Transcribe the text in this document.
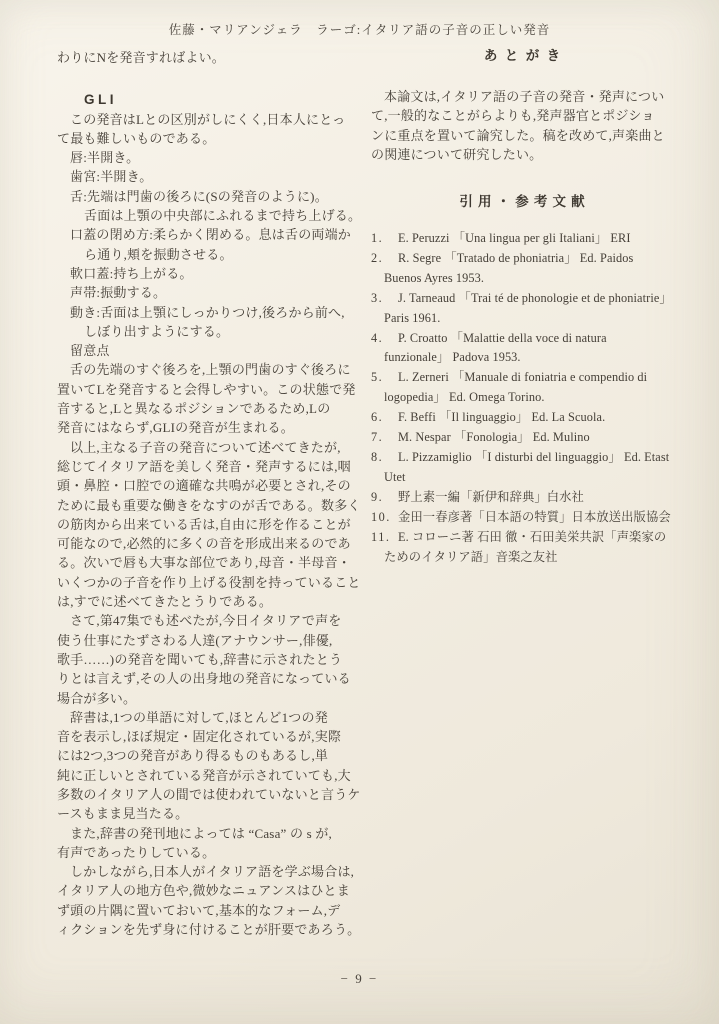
佐藤・マリアンジェラ　ラーゴ:イタリア語の子音の正しい発音
わりにNを発音すればよい。
GLI
この発音はLとの区別がしにくく,日本人にとっ
て最も難しいものである。
唇:半開き。
歯宮:半開き。
舌:先端は門歯の後ろに(Sの発音のように)。
舌面は上顎の中央部にふれるまで持ち上げる。
口蓋の閉め方:柔らかく閉める。息は舌の両端か
ら通り,頬を振動させる。
軟口蓋:持ち上がる。
声帯:振動する。
動き:舌面は上顎にしっかりつけ,後ろから前へ,
しぼり出すようにする。
留意点
舌の先端のすぐ後ろを,上顎の門歯のすぐ後ろに
置いてLを発音すると会得しやすい。この状態で発
音すると,Lと異なるポジションであるため,Lの
発音にはならず,GLIの発音が生まれる。
以上,主なる子音の発音について述べてきたが,
総じてイタリア語を美しく発音・発声するには,咽
頭・鼻腔・口腔での適確な共鳴が必要とされ,その
ために最も重要な働きをなすのが舌である。数多く
の筋肉から出来ている舌は,自由に形を作ることが
可能なので,必然的に多くの音を形成出来るのであ
る。次いで唇も大事な部位であり,母音・半母音・
いくつかの子音を作り上げる役割を持っていること
は,すでに述べてきたとうりである。
さて,第47集でも述べたが,今日イタリアで声を
使う仕事にたずさわる人達(アナウンサー,俳優,
歌手……)の発音を聞いても,辞書に示されたとう
りとは言えず,その人の出身地の発音になっている
場合が多い。
辞書は,1つの単語に対して,ほとんど1つの発
音を表示し,ほぼ規定・固定化されているが,実際
には2つ,3つの発音があり得るものもあるし,単
純に正しいとされている発音が示されていても,大
多数のイタリア人の間では使われていないと言うケ
ースもまま見当たる。
また,辞書の発刊地によっては “Casa” の s が,
有声であったりしている。
しかしながら,日本人がイタリア語を学ぶ場合は,
イタリア人の地方色や,微妙なニュアンスはひとま
ず頭の片隅に置いておいて,基本的なフォーム,デ
ィクションを先ず身に付けることが肝要であろう。
あとがき
本論文は,イタリア語の子音の発音・発声につい
て,一般的なことがらよりも,発声器官とポジショ
ンに重点を置いて論究した。稿を改めて,声楽曲と
の関連について研究したい。
引用・参考文献
1. E. Peruzzi 「Una lingua per gli Italiani」 ERI
2. R. Segre 「Tratado de phoniatria」 Ed. Paidos Buenos Ayres 1953.
3. J. Tarneaud 「Trai té de phonologie et de phoniatrie」 Paris 1961.
4. P. Croatto 「Malattie della voce di natura funzionale」 Padova 1953.
5. L. Zerneri 「Manuale di foniatria e compendio di logopedia」 Ed. Omega Torino.
6. F. Beffi 「Il linguaggio」 Ed. La Scuola.
7. M. Nespar 「Fonologia」 Ed. Mulino
8. L. Pizzamiglio 「I disturbi del linguaggio」 Ed. Etast Utet
9. 野上素一編「新伊和辞典」白水社
10. 金田一春彦著「日本語の特質」日本放送出版協会
11. E. コローニ著 石田 徹・石田美栄共訳「声楽家のためのイタリア語」音楽之友社
− 9 −
